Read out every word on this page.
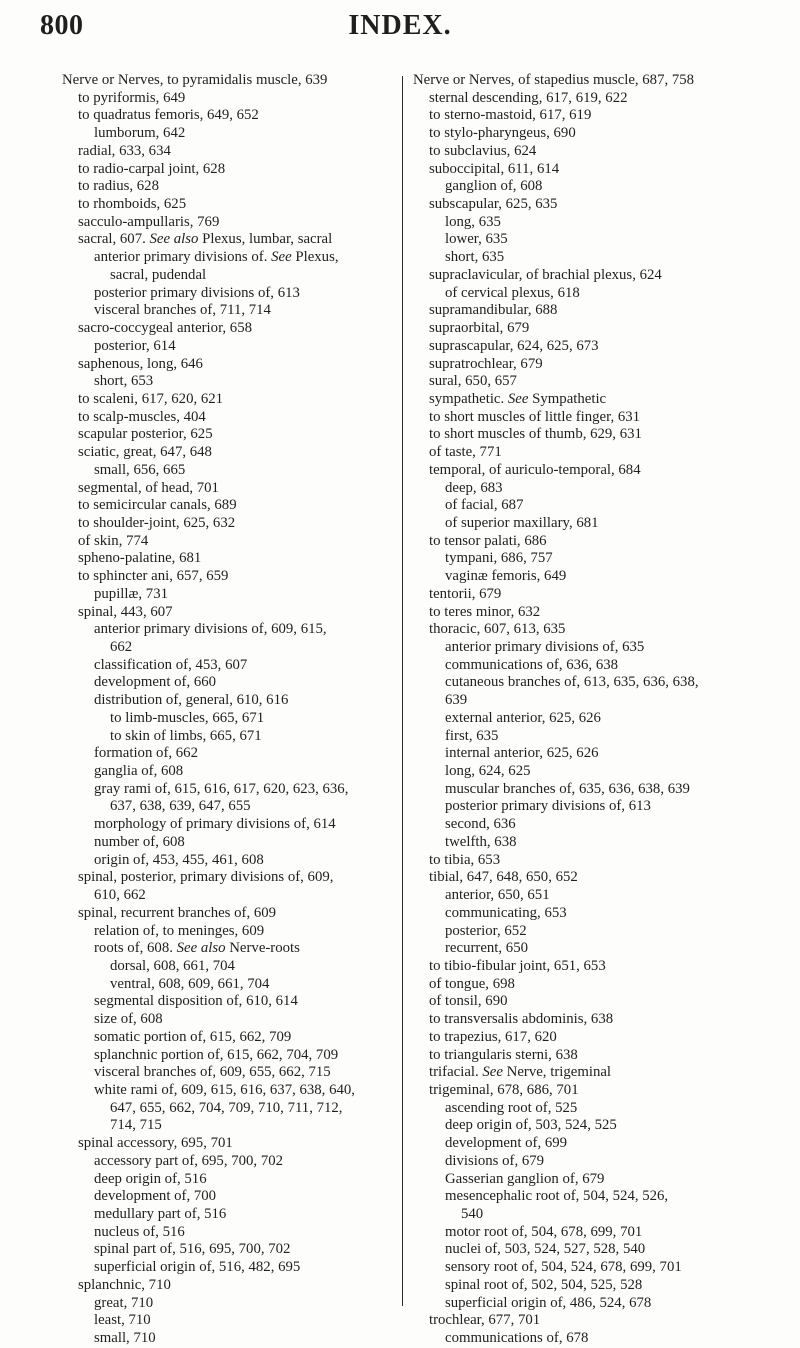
800	INDEX.
Nerve or Nerves, to pyramidalis muscle, 639
to pyriformis, 649
to quadratus femoris, 649, 652
lumborum, 642
radial, 633, 634
to radio-carpal joint, 628
to radius, 628
to rhomboids, 625
sacculo-ampullaris, 769
sacral, 607. See also Plexus, lumbar, sacral
anterior primary divisions of. See Plexus,
sacral, pudendal
posterior primary divisions of, 613
visceral branches of, 711, 714
sacro-coccygeal anterior, 658
posterior, 614
saphenous, long, 646
short, 653
to scaleni, 617, 620, 621
to scalp-muscles, 404
scapular posterior, 625
sciatic, great, 647, 648
small, 656, 665
segmental, of head, 701
to semicircular canals, 689
to shoulder-joint, 625, 632
of skin, 774
spheno-palatine, 681
to sphincter ani, 657, 659
pupillæ, 731
spinal, 443, 607
anterior primary divisions of, 609, 615,
662
classification of, 453, 607
development of, 660
distribution of, general, 610, 616
to limb-muscles, 665, 671
to skin of limbs, 665, 671
formation of, 662
ganglia of, 608
gray rami of, 615, 616, 617, 620, 623, 636,
637, 638, 639, 647, 655
morphology of primary divisions of, 614
number of, 608
origin of, 453, 455, 461, 608
spinal, posterior, primary divisions of, 609,
610, 662
spinal, recurrent branches of, 609
relation of, to meninges, 609
roots of, 608. See also Nerve-roots
dorsal, 608, 661, 704
ventral, 608, 609, 661, 704
segmental disposition of, 610, 614
size of, 608
somatic portion of, 615, 662, 709
splanchnic portion of, 615, 662, 704, 709
visceral branches of, 609, 655, 662, 715
white rami of, 609, 615, 616, 637, 638, 640,
647, 655, 662, 704, 709, 710, 711, 712,
714, 715
spinal accessory, 695, 701
accessory part of, 695, 700, 702
deep origin of, 516
development of, 700
medullary part of, 516
nucleus of, 516
spinal part of, 516, 695, 700, 702
superficial origin of, 516, 482, 695
splanchnic, 710
great, 710
least, 710
small, 710
Nerve or Nerves, of stapedius muscle, 687, 758
sternal descending, 617, 619, 622
to sterno-mastoid, 617, 619
to stylo-pharyngeus, 690
to subclavius, 624
suboccipital, 611, 614
ganglion of, 608
subscapular, 625, 635
long, 635
lower, 635
short, 635
supraclavicular, of brachial plexus, 624
of cervical plexus, 618
supramandibular, 688
supraorbital, 679
suprascapular, 624, 625, 673
supratrochlear, 679
sural, 650, 657
sympathetic. See Sympathetic
to short muscles of little finger, 631
to short muscles of thumb, 629, 631
of taste, 771
temporal, of auriculo-temporal, 684
deep, 683
of facial, 687
of superior maxillary, 681
to tensor palati, 686
tympani, 686, 757
vaginæ femoris, 649
tentorii, 679
to teres minor, 632
thoracic, 607, 613, 635
anterior primary divisions of, 635
communications of, 636, 638
cutaneous branches of, 613, 635, 636, 638,
639
external anterior, 625, 626
first, 635
internal anterior, 625, 626
long, 624, 625
muscular branches of, 635, 636, 638, 639
posterior primary divisions of, 613
second, 636
twelfth, 638
to tibia, 653
tibial, 647, 648, 650, 652
anterior, 650, 651
communicating, 653
posterior, 652
recurrent, 650
to tibio-fibular joint, 651, 653
of tongue, 698
of tonsil, 690
to transversalis abdominis, 638
to trapezius, 617, 620
to triangularis sterni, 638
trifacial. See Nerve, trigeminal
trigeminal, 678, 686, 701
ascending root of, 525
deep origin of, 503, 524, 525
development of, 699
divisions of, 679
Gasserian ganglion of, 679
mesencephalic root of, 504, 524, 526,
540
motor root of, 504, 678, 699, 701
nuclei of, 503, 524, 527, 528, 540
sensory root of, 504, 524, 678, 699, 701
spinal root of, 502, 504, 525, 528
superficial origin of, 486, 524, 678
trochlear, 677, 701
communications of, 678
